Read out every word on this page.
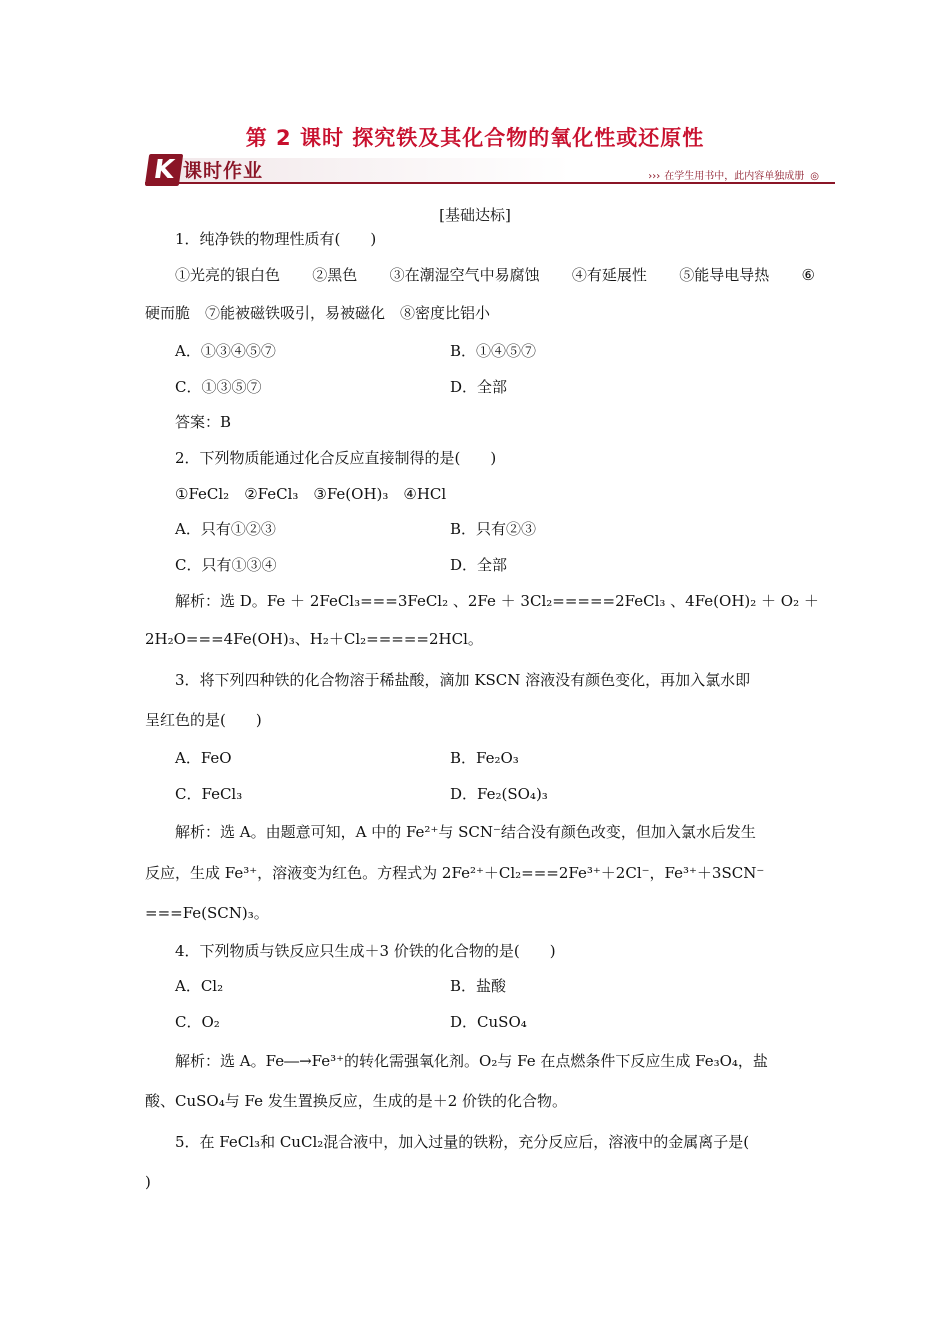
第 2 课时 探究铁及其化合物的氧化性或还原性
K 课时作业	››› 在学生用书中，此内容单独成册 ◎
[基础达标]
1．纯净铁的物理性质有(　　)
①光亮的银白色 ②黑色 ③在潮湿空气中易腐蚀 ④有延展性 ⑤能导电导热 ⑥
硬而脆　⑦能被磁铁吸引，易被磁化　⑧密度比铝小
A．①③④⑤⑦	B．①④⑤⑦
C．①③⑤⑦	D．全部
答案：B
2．下列物质能通过化合反应直接制得的是(　　)
①FeCl₂　②FeCl₃　③Fe(OH)₃　④HCl
A．只有①②③	B．只有②③
C．只有①③④	D．全部
解析： 选 D。 Fe ＋ 2FeCl₃===3FeCl₂ 、 2Fe ＋ 3Cl₂=====2FeCl₃ 、 4Fe(OH)₂ ＋ O₂ ＋
2H₂O===4Fe(OH)₃、H₂＋Cl₂=====2HCl。
3．将下列四种铁的化合物溶于稀盐酸，滴加 KSCN 溶液没有颜色变化，再加入氯水即
呈红色的是(　　)
A．FeO	B．Fe₂O₃
C．FeCl₃	D．Fe₂(SO₄)₃
解析：选 A。由题意可知，A 中的 Fe²⁺与 SCN⁻结合没有颜色改变，但加入氯水后发生
反应，生成 Fe³⁺，溶液变为红色。方程式为 2Fe²⁺＋Cl₂===2Fe³⁺＋2Cl⁻，Fe³⁺＋3SCN⁻
===Fe(SCN)₃。
4．下列物质与铁反应只生成＋3 价铁的化合物的是(　　)
A．Cl₂	B．盐酸
C．O₂	D．CuSO₄
解析：选 A。Fe―→Fe³⁺的转化需强氧化剂。O₂与 Fe 在点燃条件下反应生成 Fe₃O₄，盐
酸、CuSO₄与 Fe 发生置换反应，生成的是＋2 价铁的化合物。
5．在 FeCl₃和 CuCl₂混合液中，加入过量的铁粉，充分反应后，溶液中的金属离子是(
)
